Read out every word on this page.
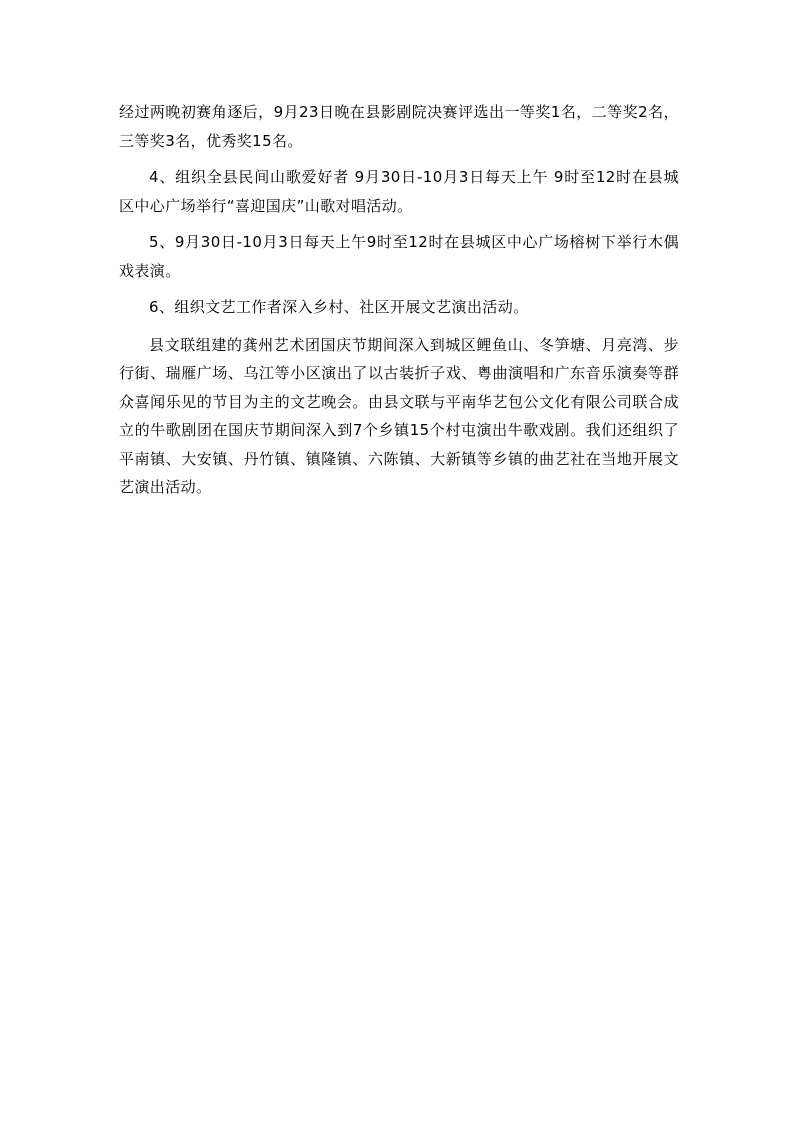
经过两晚初赛角逐后，9月23日晚在县影剧院决赛评选出一等奖1名，二等奖2名，三等奖3名，优秀奖15名。

4、组织全县民间山歌爱好者 9月30日-10月3日每天上午 9时至12时在县城区中心广场举行“喜迎国庆”山歌对唱活动。

5、9月30日-10月3日每天上午9时至12时在县城区中心广场榕树下举行木偶戏表演。

6、组织文艺工作者深入乡村、社区开展文艺演出活动。

县文联组建的龚州艺术团国庆节期间深入到城区鲤鱼山、冬笋塘、月亮湾、步行街、瑞雁广场、乌江等小区演出了以古装折子戏、粤曲演唱和广东音乐演奏等群众喜闻乐见的节目为主的文艺晚会。由县文联与平南华艺包公文化有限公司联合成立的牛歌剧团在国庆节期间深入到7个乡镇15个村屯演出牛歌戏剧。我们还组织了平南镇、大安镇、丹竹镇、镇隆镇、六陈镇、大新镇等乡镇的曲艺社在当地开展文艺演出活动。
